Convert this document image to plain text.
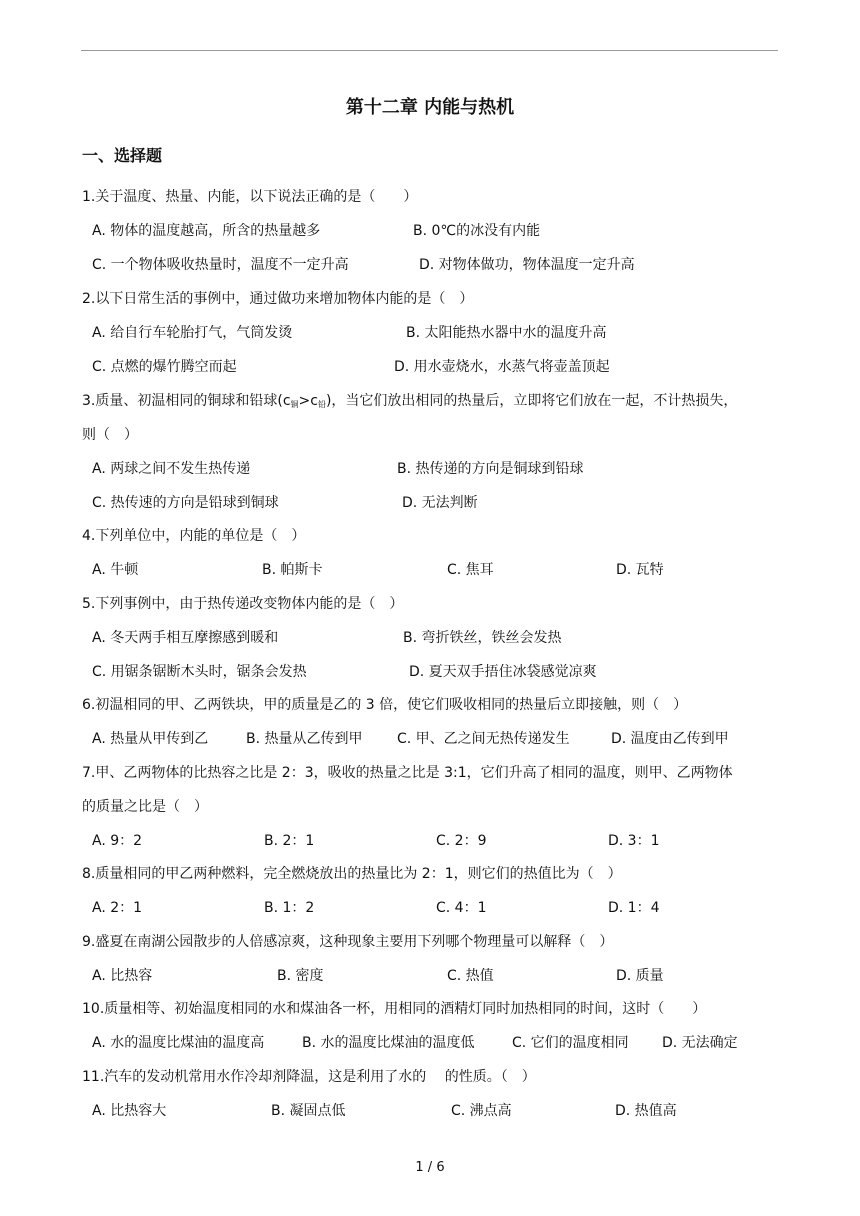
第十二章 内能与热机
一、选择题
1.关于温度、热量、内能，以下说法正确的是（　　）
A. 物体的温度越高，所含的热量越多	B. 0℃的冰没有内能
C. 一个物体吸收热量时，温度不一定升高	D. 对物体做功，物体温度一定升高
2.以下日常生活的事例中，通过做功来增加物体内能的是（　）
A. 给自行车轮胎打气，气筒发烫	B. 太阳能热水器中水的温度升高
C. 点燃的爆竹腾空而起	D. 用水壶烧水，水蒸气将壶盖顶起
3.质量、初温相同的铜球和铅球$(c_铜>c_铅)$，当它们放出相同的热量后，立即将它们放在一起，不计热损失，
则（　）
A. 两球之间不发生热传递	B. 热传递的方向是铜球到铅球
C. 热传速的方向是铅球到铜球	D. 无法判断
4.下列单位中，内能的单位是（　）
A. 牛顿	B. 帕斯卡	C. 焦耳	D. 瓦特
5.下列事例中，由于热传递改变物体内能的是（　）
A. 冬天两手相互摩擦感到暖和	B. 弯折铁丝，铁丝会发热
C. 用锯条锯断木头时，锯条会发热	D. 夏天双手捂住冰袋感觉凉爽
6.初温相同的甲、乙两铁块，甲的质量是乙的 3 倍，使它们吸收相同的热量后立即接触，则（　）
A. 热量从甲传到乙	B. 热量从乙传到甲 C. 甲、乙之间无热传递发生	D. 温度由乙传到甲
7.甲、乙两物体的比热容之比是 2：3，吸收的热量之比是 3:1，它们升高了相同的温度，则甲、乙两物体
的质量之比是（　）
A. 9：2	B. 2：1	C. 2：9	D. 3：1
8.质量相同的甲乙两种燃料，完全燃烧放出的热量比为 2：1，则它们的热值比为（　）
A. 2：1	B. 1：2	C. 4：1	D. 1：4
9.盛夏在南湖公园散步的人倍感凉爽，这种现象主要用下列哪个物理量可以解释（　）
A. 比热容	B. 密度	C. 热值	D. 质量
10.质量相等、初始温度相同的水和煤油各一杯，用相同的酒精灯同时加热相同的时间，这时（　　）
A. 水的温度比煤油的温度高	B. 水的温度比煤油的温度低	C. 它们的温度相同 D. 无法确定
11.汽车的发动机常用水作冷却剂降温，这是利用了水的　 的性质。（　）
A. 比热容大	B. 凝固点低	C. 沸点高	D. 热值高
1 / 6
